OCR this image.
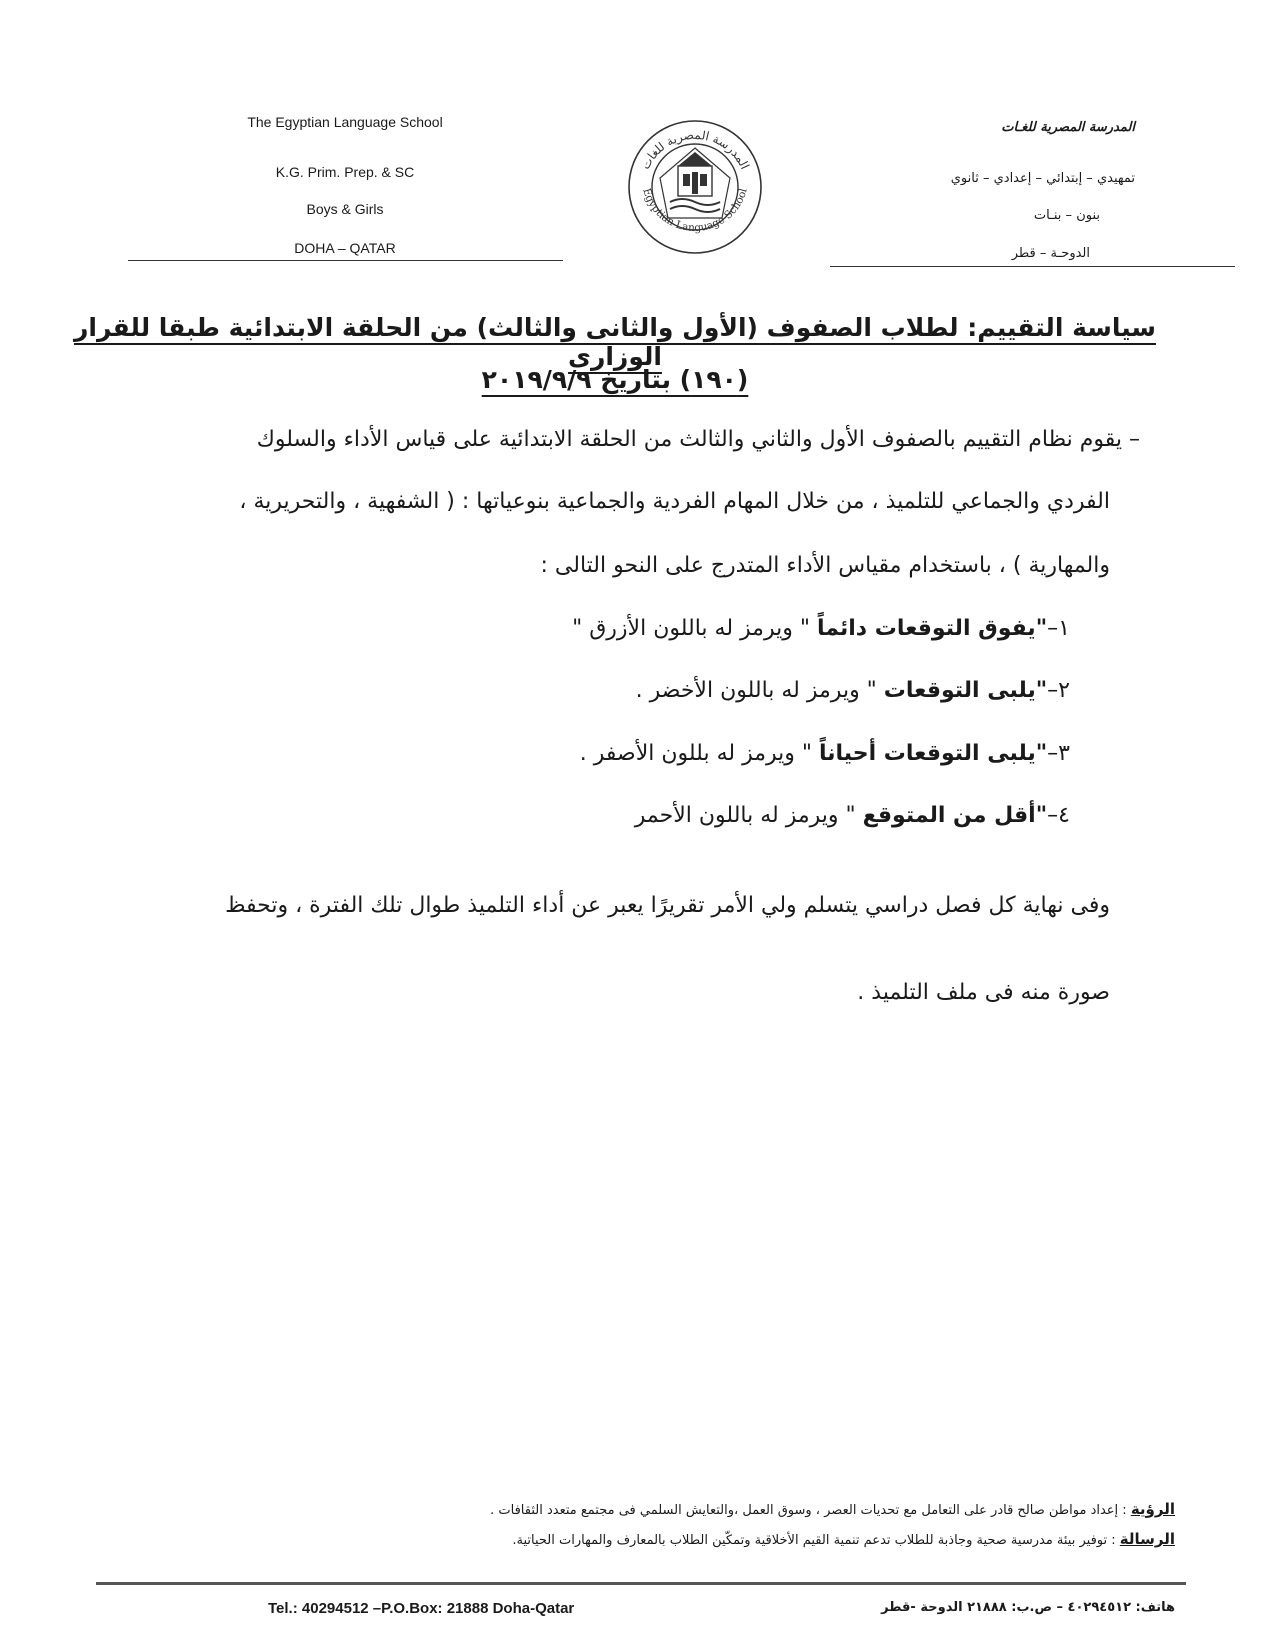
The Egyptian Language School
K.G. Prim. Prep. & SC
Boys & Girls
DOHA – QATAR
المدرسة المصرية للغـات
تمهيدي – إبتدائي – إعدادي – ثانوي
بنون – بنـات
الدوحـة – قطر
المدرسة المصرية للغات
Egyptian Language School
سياسة التقييم: لطلاب الصفوف (الأول والثانى والثالث) من الحلقة الابتدائية طبقا للقرار الوزارى
(١٩٠) بتاريخ ٢٠١٩/٩/٩
– يقوم نظام التقييم بالصفوف الأول والثاني والثالث من الحلقة الابتدائية على قياس الأداء والسلوك
الفردي والجماعي للتلميذ ، من خلال المهام الفردية والجماعية بنوعياتها : ( الشفهية ، والتحريرية ،
والمهارية ) ، باستخدام مقياس الأداء المتدرج على النحو التالى :
١–"يفوق التوقعات دائماً " ويرمز له باللون الأزرق "
٢–"يلبى التوقعات " ويرمز له باللون الأخضر .
٣–"يلبى التوقعات أحياناً " ويرمز له بللون الأصفر .
٤–"أقل من المتوقع " ويرمز له باللون الأحمر
وفى نهاية كل فصل دراسي يتسلم ولي الأمر تقريرًا يعبر عن أداء التلميذ طوال تلك الفترة ، وتحفظ
صورة منه فى ملف التلميذ .
الرؤية : إعداد مواطن صالح قادر على التعامل مع تحديات العصر ، وسوق العمل ،والتعايش السلمي فى مجتمع متعدد الثقافات .
الرسالة : توفير بيئة مدرسية صحية وجاذبة للطلاب تدعم تنمية القيم الأخلاقية وتمكّين الطلاب بالمعارف والمهارات الحياتية.
Tel.: 40294512 –P.O.Box: 21888 Doha-Qatar	هاتف: ٤٠٢٩٤٥١٢ – ص.ب: ٢١٨٨٨ الدوحة -قطر
